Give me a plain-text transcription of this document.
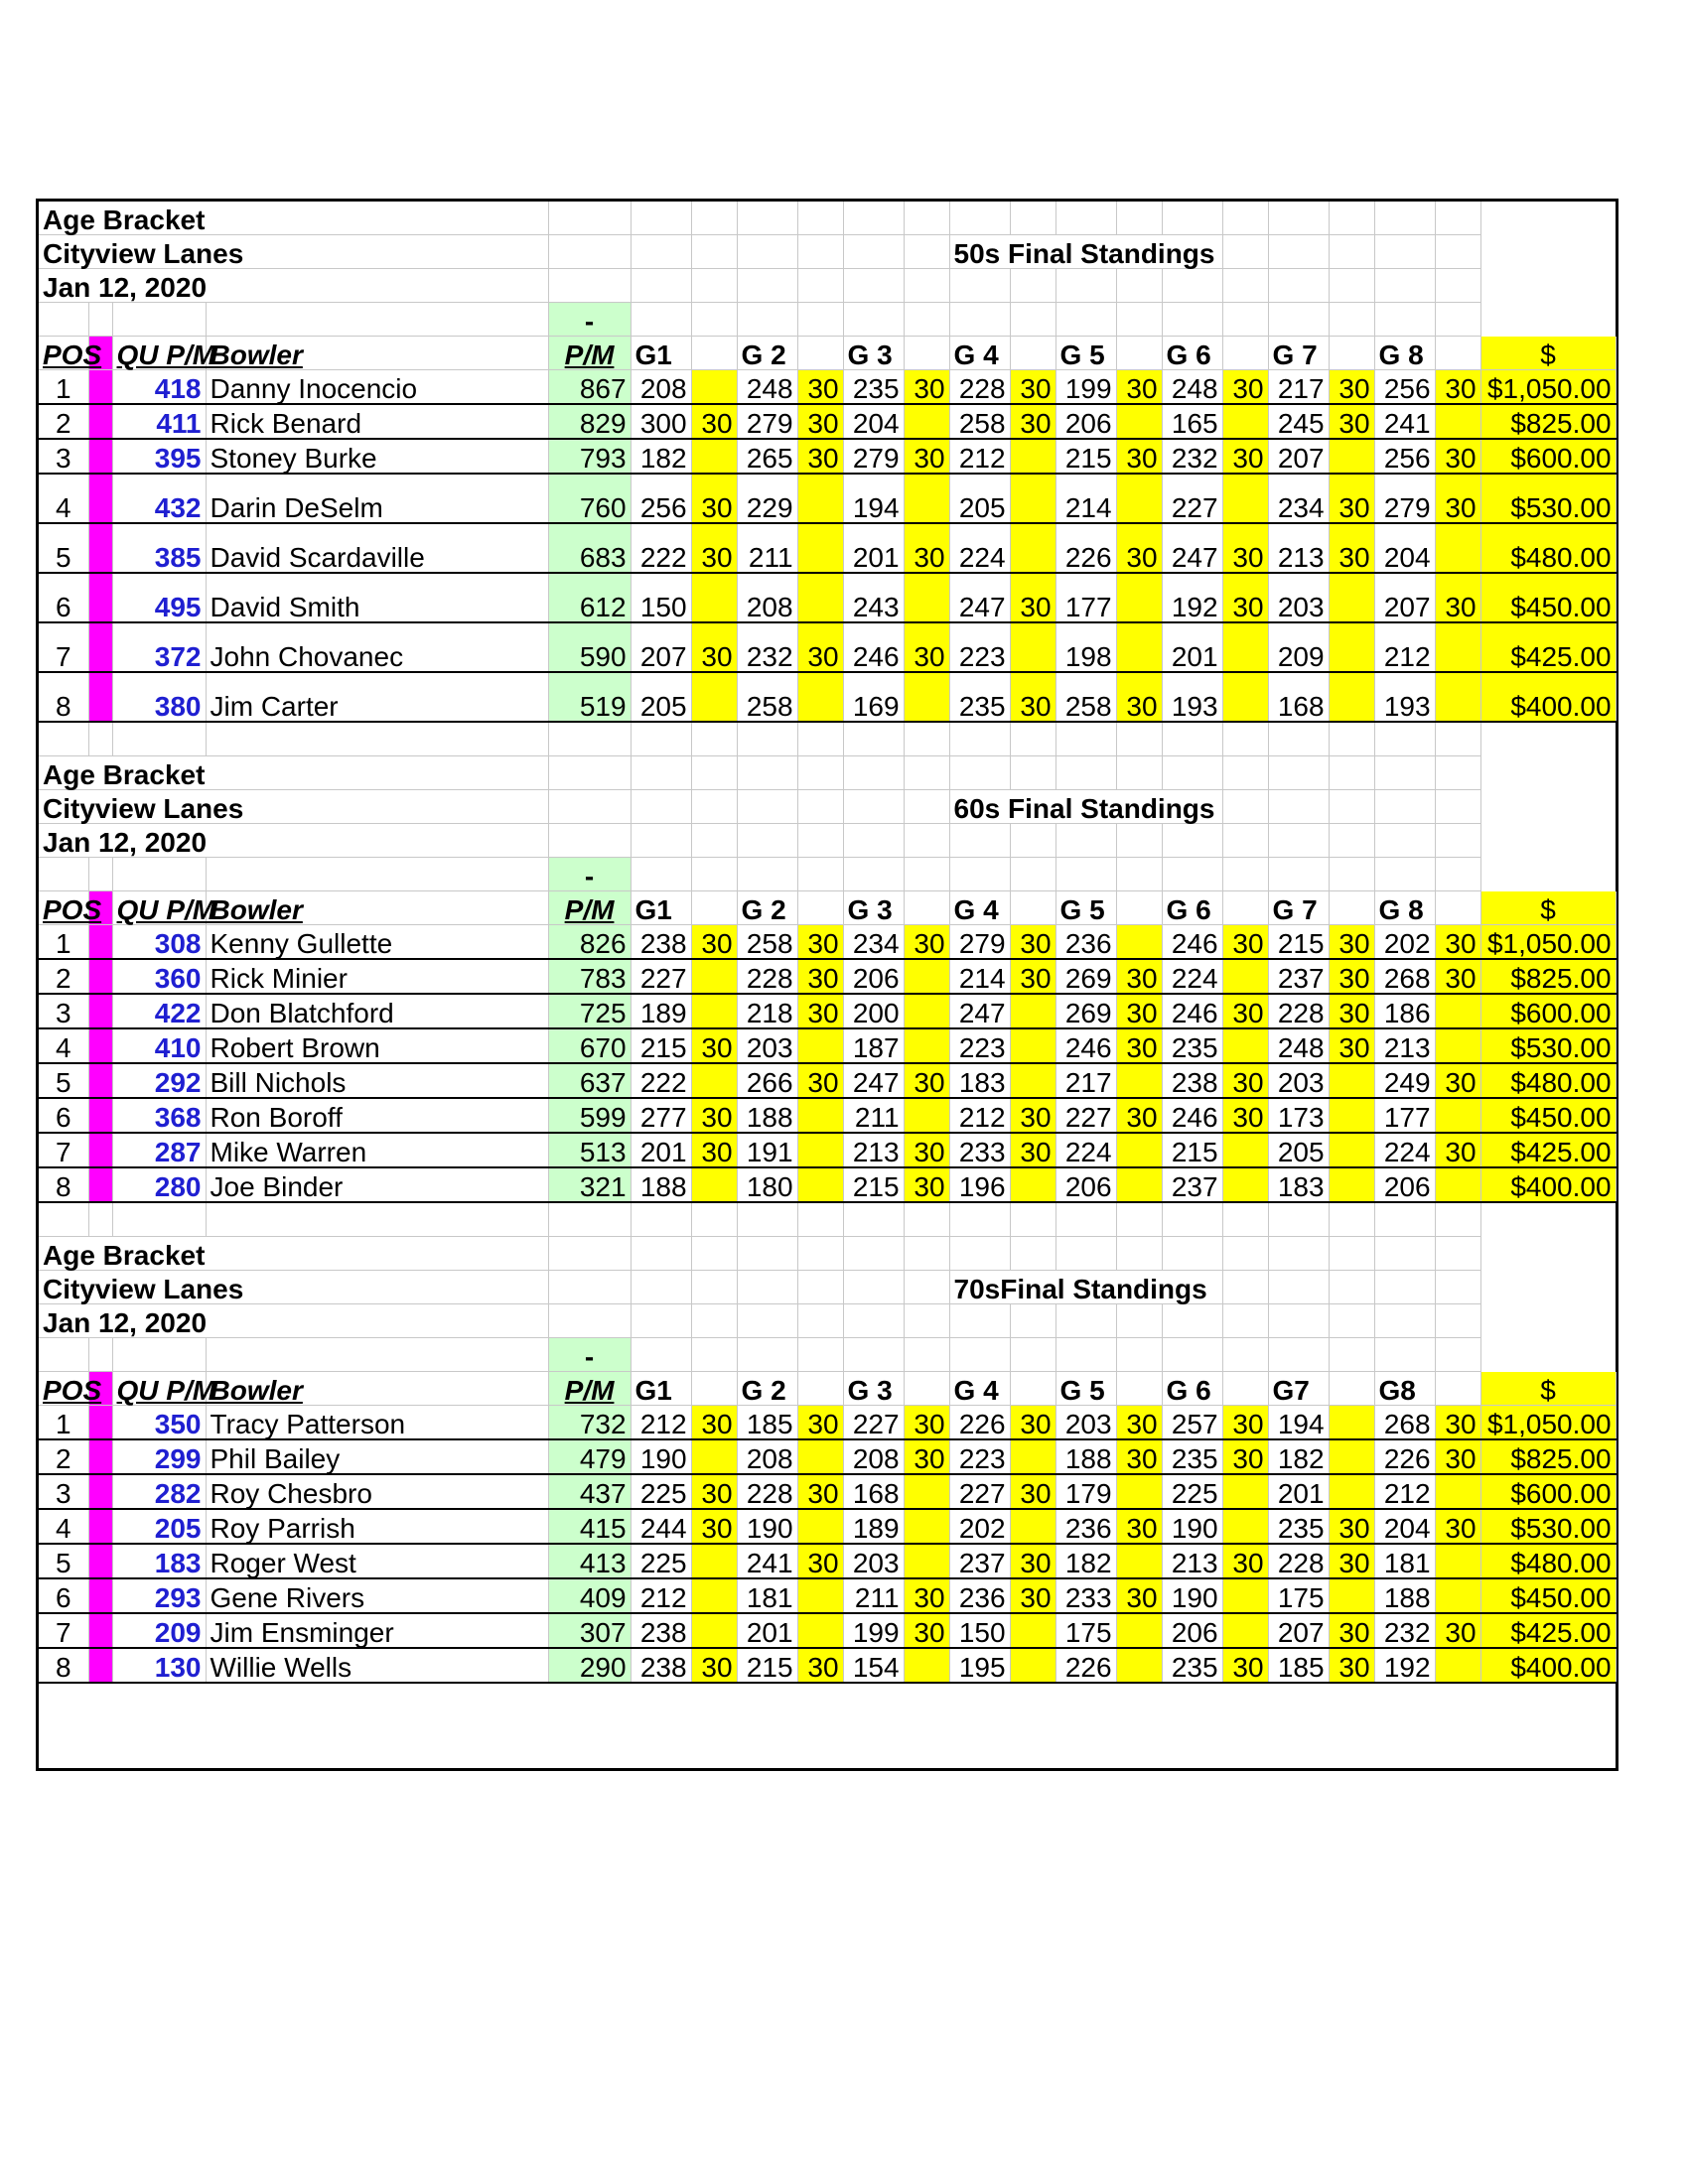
Age Bracket																					
Cityview Lanes											50s Final Standings										
Jan 12, 2020																					
				-																	
POS		QU P/M	Bowler	P/M	G1		G 2		G 3		G 4		G 5		G 6		G 7		G 8		$
1		418	Danny Inocencio	867	208		248	30	235	30	228	30	199	30	248	30	217	30	256	30	$1,050.00
2		411	Rick Benard	829	300	30	279	30	204		258	30	206		165		245	30	241		$825.00
3		395	Stoney Burke	793	182		265	30	279	30	212		215	30	232	30	207		256	30	$600.00
4		432	Darin DeSelm	760	256	30	229		194		205		214		227		234	30	279	30	$530.00
5		385	David Scardaville	683	222	30	211		201	30	224		226	30	247	30	213	30	204		$480.00
6		495	David Smith	612	150		208		243		247	30	177		192	30	203		207	30	$450.00
7		372	John Chovanec	590	207	30	232	30	246	30	223		198		201		209		212		$425.00
8		380	Jim Carter	519	205		258		169		235	30	258	30	193		168		193		$400.00

Age Bracket																					
Cityview Lanes											60s Final Standings										
Jan 12, 2020																					
				-																	
POS		QU P/M	Bowler	P/M	G1		G 2		G 3		G 4		G 5		G 6		G 7		G 8		$
1		308	Kenny Gullette	826	238	30	258	30	234	30	279	30	236		246	30	215	30	202	30	$1,050.00
2		360	Rick Minier	783	227		228	30	206		214	30	269	30	224		237	30	268	30	$825.00
3		422	Don Blatchford	725	189		218	30	200		247		269	30	246	30	228	30	186		$600.00
4		410	Robert Brown	670	215	30	203		187		223		246	30	235		248	30	213		$530.00
5		292	Bill Nichols	637	222		266	30	247	30	183		217		238	30	203		249	30	$480.00
6		368	Ron Boroff	599	277	30	188		211		212	30	227	30	246	30	173		177		$450.00
7		287	Mike Warren	513	201	30	191		213	30	233	30	224		215		205		224	30	$425.00
8		280	Joe Binder	321	188		180		215	30	196		206		237		183		206		$400.00

Age Bracket																					
Cityview Lanes											70sFinal Standings										
Jan 12, 2020																					
				-																	
POS		QU P/M	Bowler	P/M	G1		G 2		G 3		G 4		G 5		G 6		G7		G8		$
1		350	Tracy Patterson	732	212	30	185	30	227	30	226	30	203	30	257	30	194		268	30	$1,050.00
2		299	Phil Bailey	479	190		208		208	30	223		188	30	235	30	182		226	30	$825.00
3		282	Roy Chesbro	437	225	30	228	30	168		227	30	179		225		201		212		$600.00
4		205	Roy Parrish	415	244	30	190		189		202		236	30	190		235	30	204	30	$530.00
5		183	Roger West	413	225		241	30	203		237	30	182		213	30	228	30	181		$480.00
6		293	Gene Rivers	409	212		181		211	30	236	30	233	30	190		175		188		$450.00
7		209	Jim Ensminger	307	238		201		199	30	150		175		206		207	30	232	30	$425.00
8		130	Willie Wells	290	238	30	215	30	154		195		226		235	30	185	30	192		$400.00
